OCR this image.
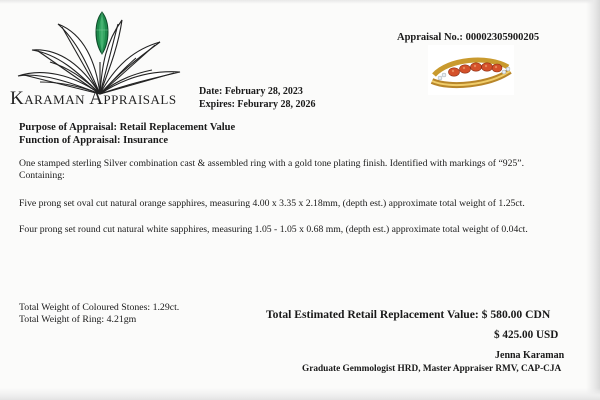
Karaman Appraisals
Appraisal No.: 00002305900205
Date: February 28, 2023
Expires: Feburary 28, 2026
Purpose of Appraisal: Retail Replacement Value
Function of Appraisal: Insurance
One stamped sterling Silver combination cast & assembled ring with a gold tone plating finish. Identified with markings of “925”.
Containing:
Five prong set oval cut natural orange sapphires, measuring 4.00 x 3.35 x 2.18mm, (depth est.) approximate total weight of 1.25ct.
Four prong set round cut natural white sapphires, measuring 1.05 - 1.05 x 0.68 mm, (depth est.) approximate total weight of 0.04ct.
Total Weight of Coloured Stones: 1.29ct.
Total Weight of Ring: 4.21gm	Total Estimated Retail Replacement Value: $ 580.00 CDN
$ 425.00 USD
Jenna Karaman
Graduate Gemmologist HRD, Master Appraiser RMV, CAP-CJA
